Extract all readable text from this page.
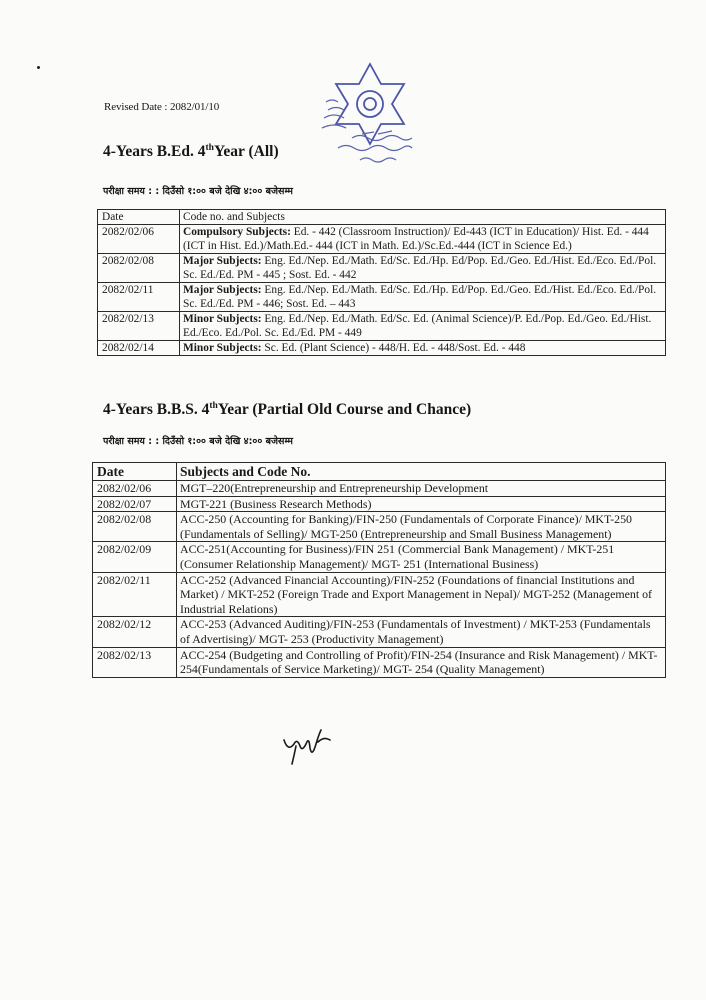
Revised Date : 2082/01/10
4-Years B.Ed. 4thYear (All)
परीक्षा समय : : दिउँसो १:०० बजे देखि ४:०० बजेसम्म
Date	Code no. and Subjects
2082/02/06	Compulsory Subjects: Ed. - 442 (Classroom Instruction)/ Ed-443 (ICT in Education)/ Hist. Ed. - 444 (ICT in Hist. Ed.)/Math.Ed.- 444 (ICT in Math. Ed.)/Sc.Ed.-444 (ICT in Science Ed.)
2082/02/08	Major Subjects: Eng. Ed./Nep. Ed./Math. Ed/Sc. Ed./Hp. Ed/Pop. Ed./Geo. Ed./Hist. Ed./Eco. Ed./Pol. Sc. Ed./Ed. PM - 445 ; Sost. Ed. - 442
2082/02/11	Major Subjects: Eng. Ed./Nep. Ed./Math. Ed/Sc. Ed./Hp. Ed/Pop. Ed./Geo. Ed./Hist. Ed./Eco. Ed./Pol. Sc. Ed./Ed. PM - 446; Sost. Ed. – 443
2082/02/13	Minor Subjects: Eng. Ed./Nep. Ed./Math. Ed/Sc. Ed. (Animal Science)/P. Ed./Pop. Ed./Geo. Ed./Hist. Ed./Eco. Ed./Pol. Sc. Ed./Ed. PM - 449
2082/02/14	Minor Subjects: Sc. Ed. (Plant Science) - 448/H. Ed. - 448/Sost. Ed. - 448
4-Years B.B.S. 4thYear (Partial Old Course and Chance)
परीक्षा समय : : दिउँसो १:०० बजे देखि ४:०० बजेसम्म
Date	Subjects and Code No.
2082/02/06	MGT–220(Entrepreneurship and Entrepreneurship Development
2082/02/07	MGT-221 (Business Research Methods)
2082/02/08	ACC-250 (Accounting for Banking)/FIN-250 (Fundamentals of Corporate Finance)/ MKT-250 (Fundamentals of Selling)/ MGT-250 (Entrepreneurship and Small Business Management)
2082/02/09	ACC-251(Accounting for Business)/FIN 251 (Commercial Bank Management) / MKT-251 (Consumer Relationship Management)/ MGT- 251 (International Business)
2082/02/11	ACC-252 (Advanced Financial Accounting)/FIN-252 (Foundations of financial Institutions and Market) / MKT-252 (Foreign Trade and Export Management in Nepal)/ MGT-252 (Management of Industrial Relations)
2082/02/12	ACC-253 (Advanced Auditing)/FIN-253 (Fundamentals of Investment) / MKT-253 (Fundamentals of Advertising)/ MGT- 253 (Productivity Management)
2082/02/13	ACC-254 (Budgeting and Controlling of Profit)/FIN-254 (Insurance and Risk Management) / MKT-254(Fundamentals of Service Marketing)/ MGT- 254 (Quality Management)
